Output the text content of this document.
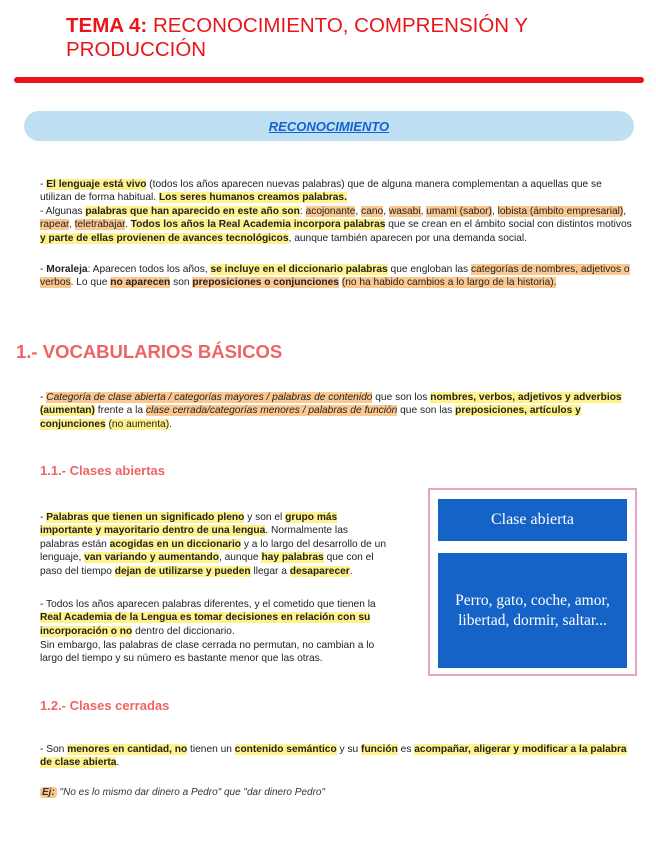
TEMA 4: RECONOCIMIENTO, COMPRENSIÓN Y PRODUCCIÓN
RECONOCIMIENTO
- El lenguaje está vivo (todos los años aparecen nuevas palabras) que de alguna manera complementan a aquellas que se utilizan de forma habitual. Los seres humanos creamos palabras.
- Algunas palabras que han aparecido en este año son: acojonante, cano, wasabi, umami (sabor), lobista (ámbito empresarial), rapear, teletrabajar. Todos los años la Real Academia incorpora palabras que se crean en el ámbito social con distintos motivos y parte de ellas provienen de avances tecnológicos, aunque también aparecen por una demanda social.
- Moraleja: Aparecen todos los años, se incluye en el diccionario palabras que engloban las categorías de nombres, adjetivos o verbos. Lo que no aparecen son preposiciones o conjunciones (no ha habido cambios a lo largo de la historia).
1.- VOCABULARIOS BÁSICOS
- Categoría de clase abierta / categorías mayores / palabras de contenido que son los nombres, verbos, adjetivos y adverbios (aumentan) frente a la clase cerrada/categorías menores / palabras de función que son las preposiciones, artículos y conjunciones (no aumenta).
1.1.- Clases abiertas
- Palabras que tienen un significado pleno y son el grupo más importante y mayoritario dentro de una lengua. Normalmente las palabras están acogidas en un diccionario y a lo largo del desarrollo de un lenguaje, van variando y aumentando, aunque hay palabras que con el paso del tiempo dejan de utilizarse y pueden llegar a desaparecer.
- Todos los años aparecen palabras diferentes, y el cometido que tienen la Real Academia de la Lengua es tomar decisiones en relación con su incorporación o no dentro del diccionario.
Sin embargo, las palabras de clase cerrada no permutan, no cambian a lo largo del tiempo y su número es bastante menor que las otras.
Clase abierta
Perro, gato, coche, amor, libertad, dormir, saltar...
1.2.- Clases cerradas
- Son menores en cantidad, no tienen un contenido semántico y su función es acompañar, aligerar y modificar a la palabra de clase abierta.
Ej: "No es lo mismo dar dinero a Pedro" que "dar dinero Pedro"
